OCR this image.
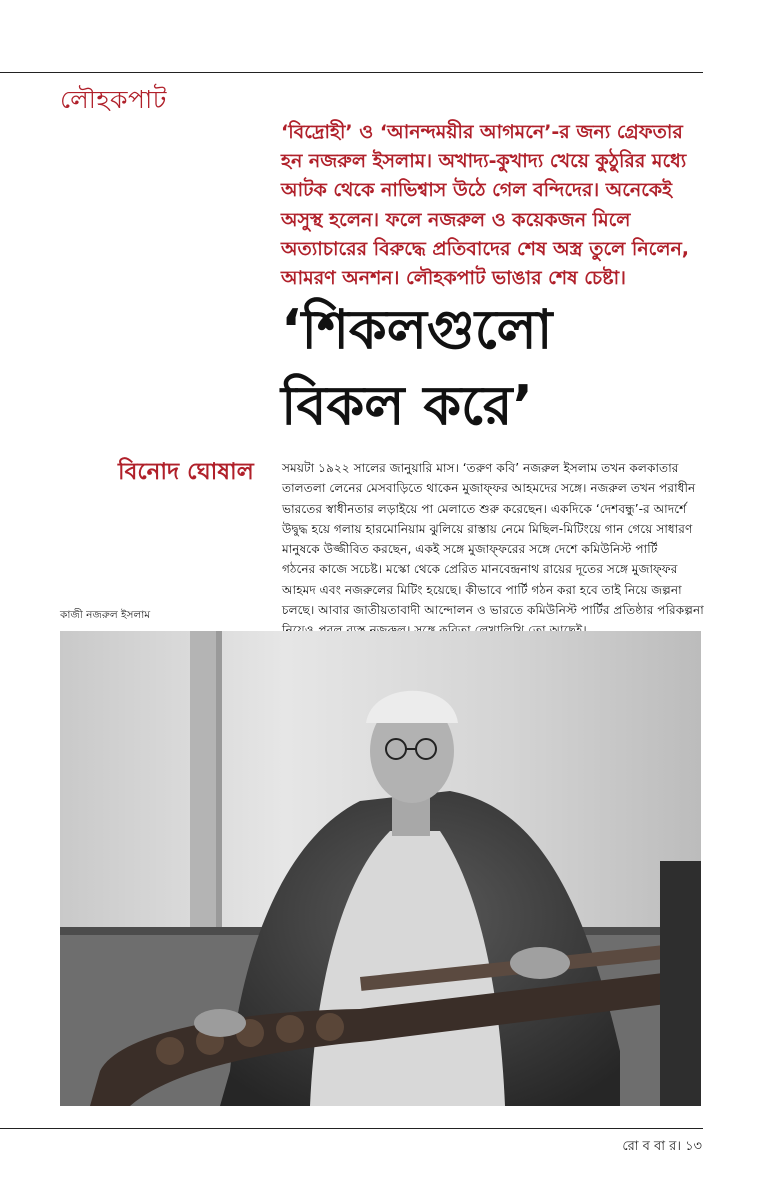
লৌহকপাট

‘বিদ্রোহী’ ও ‘আনন্দময়ীর আগমনে’-র জন্য গ্রেফতার

হন নজরুল ইসলাম। অখাদ্য-কুখাদ্য খেয়ে কুঠুরির মধ্যে

আটক থেকে নাভিশ্বাস উঠে গেল বন্দিদের। অনেকেই

অসুস্থ হলেন। ফলে নজরুল ও কয়েকজন মিলে

অত্যাচারের বিরুদ্ধে প্রতিবাদের শেষ অস্ত্র তুলে নিলেন,

আমরণ অনশন। লৌহকপাট ভাঙার শেষ চেষ্টা।

‘শিকলগুলো

বিকল করে’

বিনোদ ঘোষাল সময়টা ১৯২২ সালের জানুয়ারি মাস। ‘তরুণ কবি’ নজরুল ইসলাম তখন কলকাতার

তালতলা লেনের মেসবাড়িতে থাকেন মুজাফ্ফর আহমদের সঙ্গে। নজরুল তখন পরাধীন

ভারতের স্বাধীনতার লড়াইয়ে পা মেলাতে শুরু করেছেন। একদিকে ‘দেশবন্ধু’-র আদর্শে

উদ্বুদ্ধ হয়ে গলায় হারমোনিয়াম ঝুলিয়ে রাস্তায় নেমে মিছিল-মিটিংয়ে গান গেয়ে সাধারণ

মানুষকে উজ্জীবিত করছেন, একই সঙ্গে মুজাফ্ফরের সঙ্গে দেশে কমিউনিস্ট পার্টি

গঠনের কাজে সচেষ্ট। মস্কো থেকে প্রেরিত মানবেন্দ্রনাথ রায়ের দূতের সঙ্গে মুজাফ্ফর

আহমদ এবং নজরুলের মিটিং হয়েছে। কীভাবে পার্টি গঠন করা হবে তাই নিয়ে জল্পনা

চলছে। আবার জাতীয়তাবাদী আন্দোলন ও ভারতে কমিউনিস্ট পার্টির প্রতিষ্ঠার পরিকল্পনা

কাজী নজরুল ইসলাম
রো ব বা র। ১৩
